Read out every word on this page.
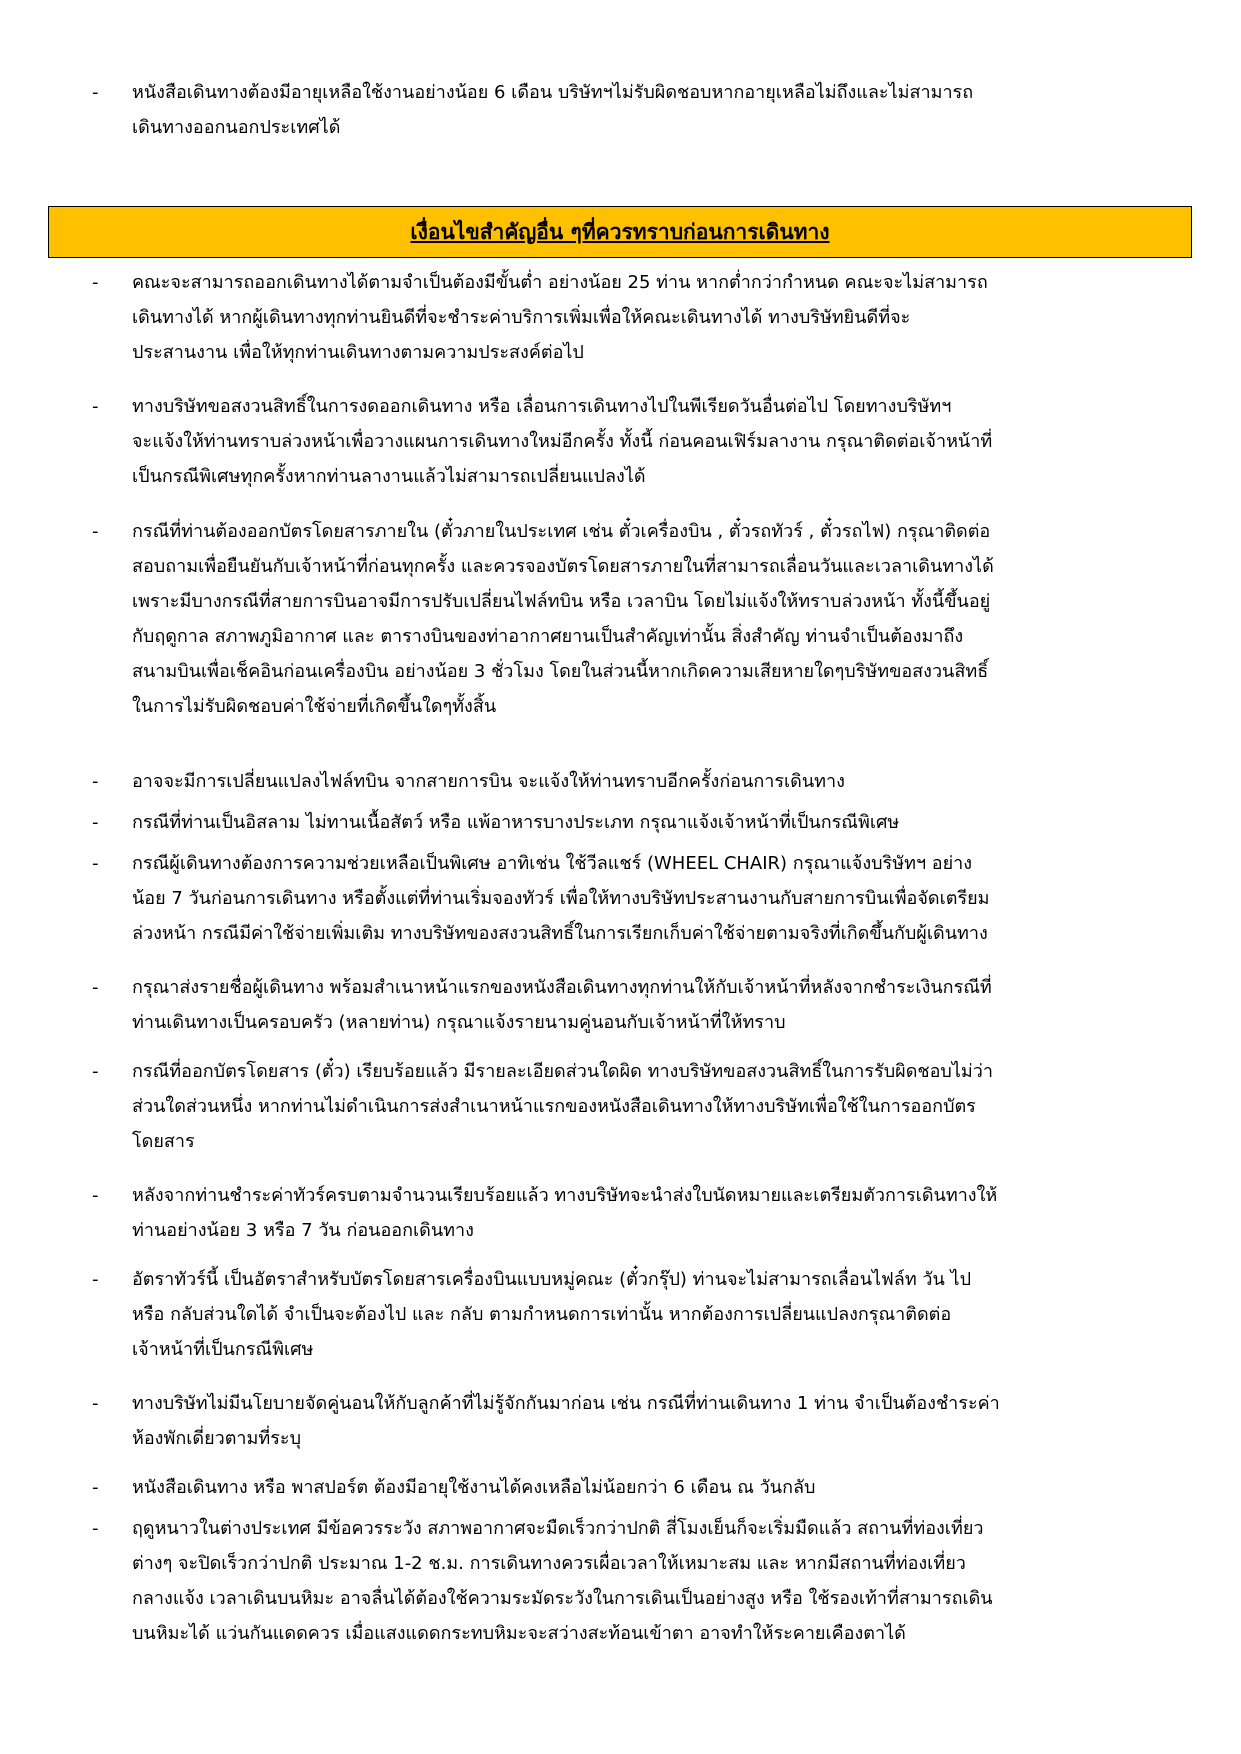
- หนังสือเดินทางต้องมีอายุเหลือใช้งานอย่างน้อย 6 เดือน บริษัทฯไม่รับผิดชอบหากอายุเหลือไม่ถึงและไม่สามารถ
เดินทางออกนอกประเทศได้
เงื่อนไขสำคัญอื่น ๆที่ควรทราบก่อนการเดินทาง
- คณะจะสามารถออกเดินทางได้ตามจำเป็นต้องมีขั้นต่ำ อย่างน้อย 25 ท่าน หากต่ำกว่ากำหนด คณะจะไม่สามารถ
เดินทางได้ หากผู้เดินทางทุกท่านยินดีที่จะชำระค่าบริการเพิ่มเพื่อให้คณะเดินทางได้ ทางบริษัทยินดีที่จะ
ประสานงาน เพื่อให้ทุกท่านเดินทางตามความประสงค์ต่อไป
- ทางบริษัทขอสงวนสิทธิ์ในการงดออกเดินทาง หรือ เลื่อนการเดินทางไปในพีเรียดวันอื่นต่อไป โดยทางบริษัทฯ
จะแจ้งให้ท่านทราบล่วงหน้าเพื่อวางแผนการเดินทางใหม่อีกครั้ง ทั้งนี้ ก่อนคอนเฟิร์มลางาน กรุณาติดต่อเจ้าหน้าที่
เป็นกรณีพิเศษทุกครั้งหากท่านลางานแล้วไม่สามารถเปลี่ยนแปลงได้
- กรณีที่ท่านต้องออกบัตรโดยสารภายใน (ตั๋วภายในประเทศ เช่น ตั๋วเครื่องบิน , ตั๋วรถทัวร์ , ตั๋วรถไฟ) กรุณาติดต่อ
สอบถามเพื่อยืนยันกับเจ้าหน้าที่ก่อนทุกครั้ง และควรจองบัตรโดยสารภายในที่สามารถเลื่อนวันและเวลาเดินทางได้
เพราะมีบางกรณีที่สายการบินอาจมีการปรับเปลี่ยนไฟล์ทบิน หรือ เวลาบิน โดยไม่แจ้งให้ทราบล่วงหน้า ทั้งนี้ขึ้นอยู่
กับฤดูกาล สภาพภูมิอากาศ และ ตารางบินของท่าอากาศยานเป็นสำคัญเท่านั้น สิ่งสำคัญ ท่านจำเป็นต้องมาถึง
สนามบินเพื่อเช็คอินก่อนเครื่องบิน อย่างน้อย 3 ชั่วโมง โดยในส่วนนี้หากเกิดความเสียหายใดๆบริษัทขอสงวนสิทธิ์
ในการไม่รับผิดชอบค่าใช้จ่ายที่เกิดขึ้นใดๆทั้งสิ้น
- อาจจะมีการเปลี่ยนแปลงไฟล์ทบิน จากสายการบิน จะแจ้งให้ท่านทราบอีกครั้งก่อนการเดินทาง
- กรณีที่ท่านเป็นอิสลาม ไม่ทานเนื้อสัตว์ หรือ แพ้อาหารบางประเภท กรุณาแจ้งเจ้าหน้าที่เป็นกรณีพิเศษ
- กรณีผู้เดินทางต้องการความช่วยเหลือเป็นพิเศษ อาทิเช่น ใช้วีลแชร์ (WHEEL CHAIR) กรุณาแจ้งบริษัทฯ อย่าง
น้อย 7 วันก่อนการเดินทาง หรือตั้งแต่ที่ท่านเริ่มจองทัวร์ เพื่อให้ทางบริษัทประสานงานกับสายการบินเพื่อจัดเตรียม
ล่วงหน้า กรณีมีค่าใช้จ่ายเพิ่มเติม ทางบริษัทของสงวนสิทธิ์ในการเรียกเก็บค่าใช้จ่ายตามจริงที่เกิดขึ้นกับผู้เดินทาง
- กรุณาส่งรายชื่อผู้เดินทาง พร้อมสำเนาหน้าแรกของหนังสือเดินทางทุกท่านให้กับเจ้าหน้าที่หลังจากชำระเงินกรณีที่
ท่านเดินทางเป็นครอบครัว (หลายท่าน) กรุณาแจ้งรายนามคู่นอนกับเจ้าหน้าที่ให้ทราบ
- กรณีที่ออกบัตรโดยสาร (ตั๋ว) เรียบร้อยแล้ว มีรายละเอียดส่วนใดผิด ทางบริษัทขอสงวนสิทธิ์ในการรับผิดชอบไม่ว่า
ส่วนใดส่วนหนึ่ง หากท่านไม่ดำเนินการส่งสำเนาหน้าแรกของหนังสือเดินทางให้ทางบริษัทเพื่อใช้ในการออกบัตร
โดยสาร
- หลังจากท่านชำระค่าทัวร์ครบตามจำนวนเรียบร้อยแล้ว ทางบริษัทจะนำส่งใบนัดหมายและเตรียมตัวการเดินทางให้
ท่านอย่างน้อย 3 หรือ 7 วัน ก่อนออกเดินทาง
- อัตราทัวร์นี้ เป็นอัตราสำหรับบัตรโดยสารเครื่องบินแบบหมู่คณะ (ตั๋วกรุ๊ป) ท่านจะไม่สามารถเลื่อนไฟล์ท วัน ไป
หรือ กลับส่วนใดได้ จำเป็นจะต้องไป และ กลับ ตามกำหนดการเท่านั้น หากต้องการเปลี่ยนแปลงกรุณาติดต่อ
เจ้าหน้าที่เป็นกรณีพิเศษ
- ทางบริษัทไม่มีนโยบายจัดคู่นอนให้กับลูกค้าที่ไม่รู้จักกันมาก่อน เช่น กรณีที่ท่านเดินทาง 1 ท่าน จำเป็นต้องชำระค่า
ห้องพักเดี่ยวตามที่ระบุ
- หนังสือเดินทาง หรือ พาสปอร์ต ต้องมีอายุใช้งานได้คงเหลือไม่น้อยกว่า 6 เดือน ณ วันกลับ
- ฤดูหนาวในต่างประเทศ มีข้อควรระวัง สภาพอากาศจะมืดเร็วกว่าปกติ สี่โมงเย็นก็จะเริ่มมืดแล้ว สถานที่ท่องเที่ยว
ต่างๆ จะปิดเร็วกว่าปกติ ประมาณ 1-2 ช.ม. การเดินทางควรเผื่อเวลาให้เหมาะสม และ หากมีสถานที่ท่องเที่ยว
กลางแจ้ง เวลาเดินบนหิมะ อาจลื่นได้ต้องใช้ความระมัดระวังในการเดินเป็นอย่างสูง หรือ ใช้รองเท้าที่สามารถเดิน
บนหิมะได้ แว่นกันแดดควร เมื่อแสงแดดกระทบหิมะจะสว่างสะท้อนเข้าตา อาจทำให้ระคายเคืองตาได้
